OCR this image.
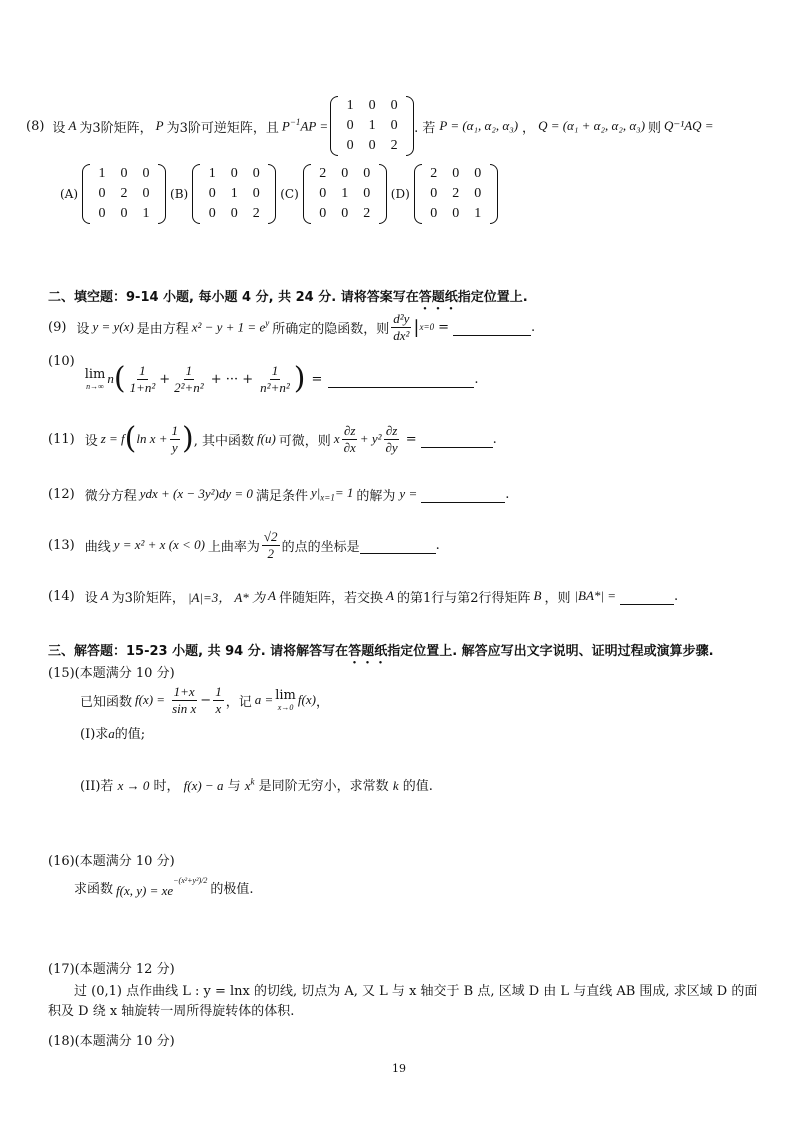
(8) 设 A 为3阶矩阵， P 为3阶可逆矩阵，且 $P^{-1}AP$ =
1	0	0
0	1	0
0	0	2
. 若 P = (α₁, α₂, α₃) ， Q = (α₁ + α₂, α₂, α₃) 则 Q⁻¹AQ =
(A)
1	0	0
0	2	0
0	0	1
(B)
1	0	0
0	1	0
0	0	2
(C)
2	0	0
0	1	0
0	0	2
(D)
2	0	0
0	2	0
0	0	1
二、填空题：9-14 小题, 每小题 4 分, 共 24 分. 请将答案写在答题纸指定位置上.
(9) 设 y = y(x) 是由方程 $x^2 - y + 1 = e^y$ 所确定的隐函数，则 $\frac{\text{d²y}}{\text{dx²}}$ | x=0 =	.
(10)
lim
n→∞
n ( $\frac{1}{\text{1+n²}} + \frac{1}{\text{2²+n²}}$ + ··· + $\frac{1}{\text{n²+n²}}$ ) =	.
(11) 设 z = f ( $\ln x + \frac{1}{y}$ ) , 其中函数 f(u) 可微，则 x $\frac{\partial z}{\partial x} + y^2 \frac{\partial z}{\partial y}$ =	.
(12) 微分方程 ydx + (x − 3y²)dy = 0 满足条件 $y|_{x=1}= 1$ 的解为 y =	.
(13) 曲线 y = x² + x (x < 0) 上曲率为 $\frac{√2}{2}$ 的点的坐标是	.
(14) 设 A 为3阶矩阵， |A|=3， A* 为 A 伴随矩阵，若交换 A 的第1行与第2行得矩阵 B ，则 |BA*| =	.
三、解答题：15-23 小题, 共 94 分. 请将解答写在答题纸指定位置上. 解答应写出文字说明、证明过程或演算步骤.
(15)(本题满分 10 分)
已知函数 $f(x) = \frac{1+x}{\text{sin x}} - \frac{1}{x}$ ，记 a = lim
x→0
f(x) ，
(I)求a的值;
(II)若 x → 0 时， f(x) − a 与 $x^k$ 是同阶无穷小，求常数 k 的值.
(16)(本题满分 10 分)
求函数 f(x, $y) = xe^{-(x^2+y^2)/2}$
的极值.
(17)(本题满分 12 分)
过 (0,1) 点作曲线 L : y = lnx 的切线, 切点为 A, 又 L 与 x 轴交于 B 点, 区域 D 由 L 与直线 AB 围成, 求区域 D 的面
积及 D 绕 x 轴旋转一周所得旋转体的体积.
(18)(本题满分 10 分)
19
